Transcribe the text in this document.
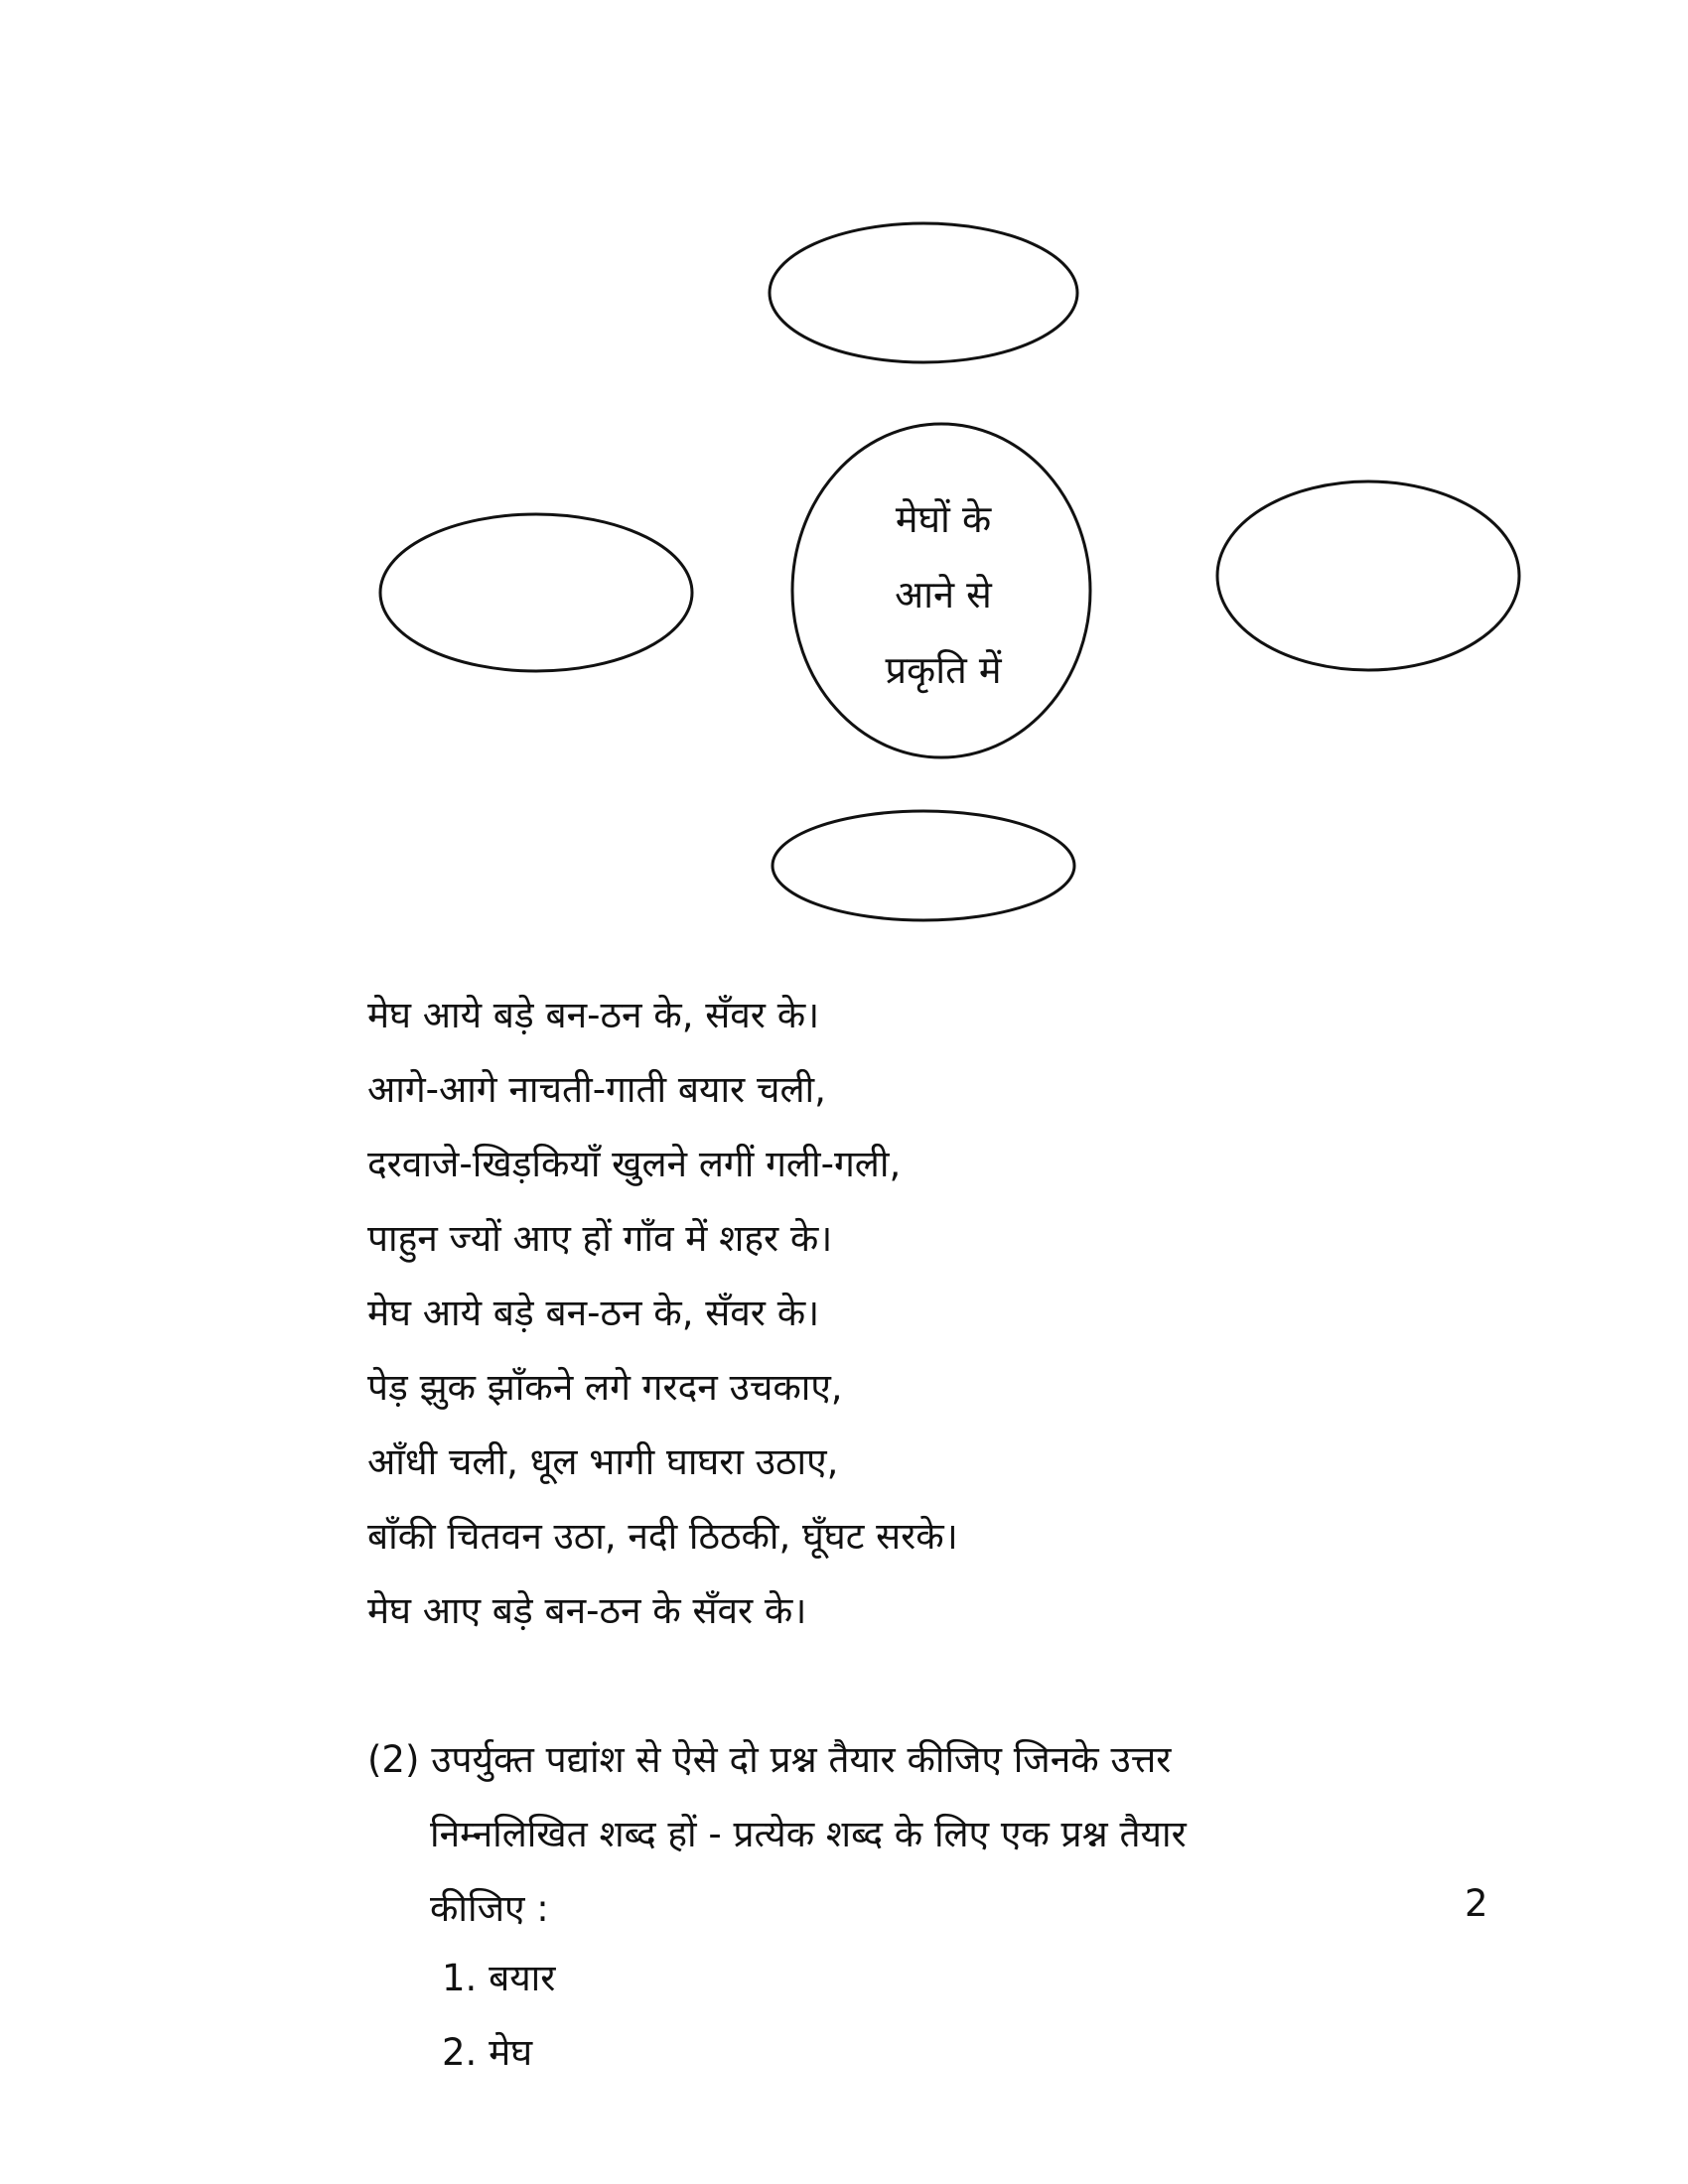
मेघों के
आने से
प्रकृति में
मेघ आये बड़े बन-ठन के, सँवर के।
आगे-आगे नाचती-गाती बयार चली,
दरवाजे-खिड़कियाँ खुलने लगीं गली-गली,
पाहुन ज्यों आए हों गाँव में शहर के।
मेघ आये बड़े बन-ठन के, सँवर के।
पेड़ झुक झाँकने लगे गरदन उचकाए,
आँधी चली, धूल भागी घाघरा उठाए,
बाँकी चितवन उठा, नदी ठिठकी, घूँघट सरके।
मेघ आए बड़े बन-ठन के सँवर के।
(2) उपर्युक्त पद्यांश से ऐसे दो प्रश्न तैयार कीजिए जिनके उत्तर
निम्नलिखित शब्द हों - प्रत्येक शब्द के लिए एक प्रश्न तैयार
कीजिए :	2
1. बयार
2. मेघ
